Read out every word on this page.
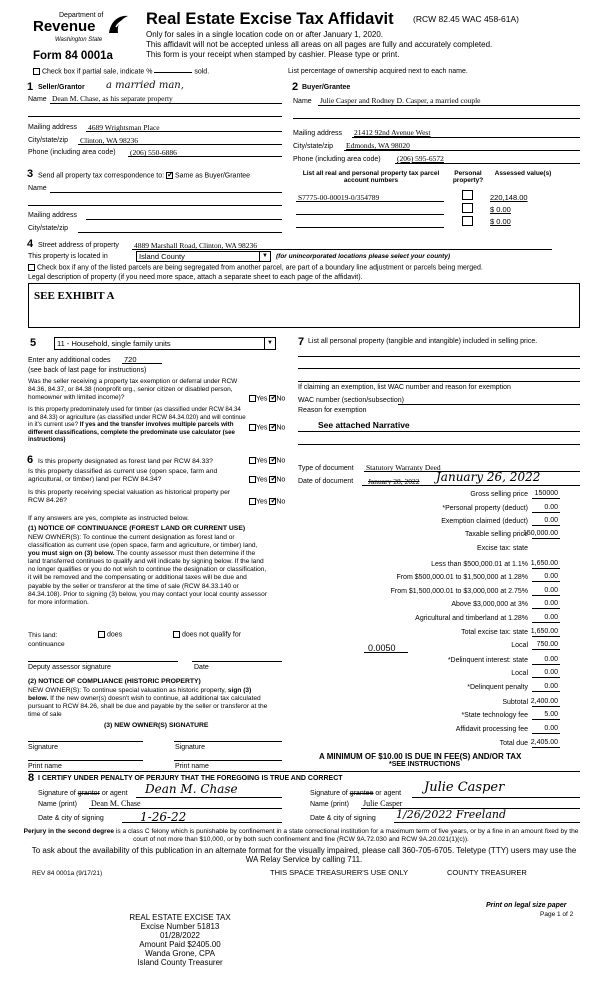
Department of
Revenue
Washington State
Form 84 0001a
Real Estate Excise Tax Affidavit (RCW 82.45 WAC 458-61A)
Only for sales in a single location code on or after January 1, 2020.
This affidavit will not be accepted unless all areas on all pages are fully and accurately completed.
This form is your receipt when stamped by cashier. Please type or print.
Check box if partial sale, indicate %	sold.	List percentage of ownership acquired next to each name.
1 Seller/Grantor a married man,
Name Dean M. Chase, as his separate property
Mailing address 4689 Wrightsman Place
City/state/zip Clinton, WA 98236
Phone (including area code) (206) 550-6886
2 Buyer/Grantee
Name Julie Casper and Rodney D. Casper, a married couple
Mailing address 21412 92nd Avenue West
City/state/zip Edmonds, WA 98020
Phone (including area code) (206) 595-6572
3 Send all property tax correspondence to: ✓ Same as Buyer/Grantee
Name
Mailing address
City/state/zip
List all real and personal property tax parcel account numbers
Personal property?
Assessed value(s)
S7775-00-00019-0/354789	220,148.00
$ 0.00
$ 0.00
4 Street address of property 4889 Marshall Road, Clinton, WA 98236
This property is located in	Island County	▼	(for unincorporated locations please select your county)
Check box if any of the listed parcels are being segregated from another parcel, are part of a boundary line adjustment or parcels being merged.
Legal description of property (if you need more space, attach a separate sheet to each page of the affidavit).
SEE EXHIBIT A
5	11 - Household, single family units	▼
Enter any additional codes 720
(see back of last page for instructions)
Was the seller receiving a property tax exemption or deferral under RCW 84.36, 84.37, or 84.38 (nonprofit org., senior citizen or disabled person, homeowner with limited income)?	Yes ✓ No
Is this property predominately used for timber (as classified under RCW 84.34 and 84.33) or agriculture (as classified under RCW 84.34.020) and will continue in it's current use? If yes and the transfer involves multiple parcels with different classifications, complete the predominate use calculator (see instructions)
Yes ✓ No
6 Is this property designated as forest land per RCW 84.33?	Yes ✓ No
Is this property classified as current use (open space, farm and agricultural, or timber) land per RCW 84.34?	Yes ✓ No
Is this property receiving special valuation as historical property per RCW 84.26?	Yes ✓ No
If any answers are yes, complete as instructed below.
(1) NOTICE OF CONTINUANCE (FOREST LAND OR CURRENT USE)
NEW OWNER(S): To continue the current designation as forest land or classification as current use (open space, farm and agriculture, or timber) land, you must sign on (3) below. The county assessor must then determine if the land transferred continues to qualify and will indicate by signing below. If the land no longer qualifies or you do not wish to continue the designation or classification, it will be removed and the compensating or additional taxes will be due and payable by the seller or transferor at the time of sale (RCW 84.33.140 or 84.34.108). Prior to signing (3) below, you may contact your local county assessor for more information.
This land:	does	does not qualify for
continuance
Deputy assessor signature	Date
(2) NOTICE OF COMPLIANCE (HISTORIC PROPERTY)
NEW OWNER(S): To continue special valuation as historic property, sign (3) below. If the new owner(s) doesn't wish to continue, all additional tax calculated pursuant to RCW 84.26, shall be due and payable by the seller or transferor at the time of sale
(3) NEW OWNER(S) SIGNATURE
Signature	Signature
Print name	Print name
7 List all personal property (tangible and intangible) included in selling price.
If claiming an exemption, list WAC number and reason for exemption
WAC number (section/subsection)
Reason for exemption
See attached Narrative
Type of document Statutory Warranty Deed
Date of document January 28, 2022 January 26, 2022
Gross selling price 150000
*Personal property (deduct)	0.00
Exemption claimed (deduct)	0.00
Taxable selling price
150,000.00
Excise tax: state
Less than $500,000.01 at 1.1% 1,650.00
From $500,000.01 to $1,500,000 at 1.28%	0.00
From $1,500,000.01 to $3,000,000 at 2.75%	0.00
Above $3,000,000 at 3%	0.00
Agricultural and timberland at 1.28%	0.00
Total excise tax: state 1,650.00
Local	750.00
*Delinquent interest: state	0.00
Local	0.00
*Delinquent penalty	0.00
Subtotal 2,400.00
*State technology fee	5.00
Affidavit processing fee	0.00
Total due 2,405.00
0.0050
A MINIMUM OF $10.00 IS DUE IN FEE(S) AND/OR TAX
*SEE INSTRUCTIONS
8 I CERTIFY UNDER PENALTY OF PERJURY THAT THE FOREGOING IS TRUE AND CORRECT
Signature of grantor or agent Dean M. Chase
Name (print) Dean M. Chase
Date & city of signing	1-26-22
Signature of grantee or agent Julie Casper
Name (print) Julie Casper
Date & city of signing 1/26/2022 Freeland
Perjury in the second degree is a class C felony which is punishable by confinement in a state correctional institution for a maximum term of five years, or by a fine in an amount fixed by the court of not more than $10,000, or by both such confinement and fine (RCW 9A.72.030 and RCW 9A.20.021(1)(c)).
To ask about the availability of this publication in an alternate format for the visually impaired, please call 360-705-6705. Teletype (TTY) users may use the WA Relay Service by calling 711.
REV 84 0001a (9/17/21)	THIS SPACE TREASURER'S USE ONLY	COUNTY TREASURER
Print on legal size paper
Page 1 of 2
REAL ESTATE EXCISE TAX
Excise Number 51813
01/28/2022
Amount Paid $2405.00
Wanda Grone, CPA
Island County Treasurer
